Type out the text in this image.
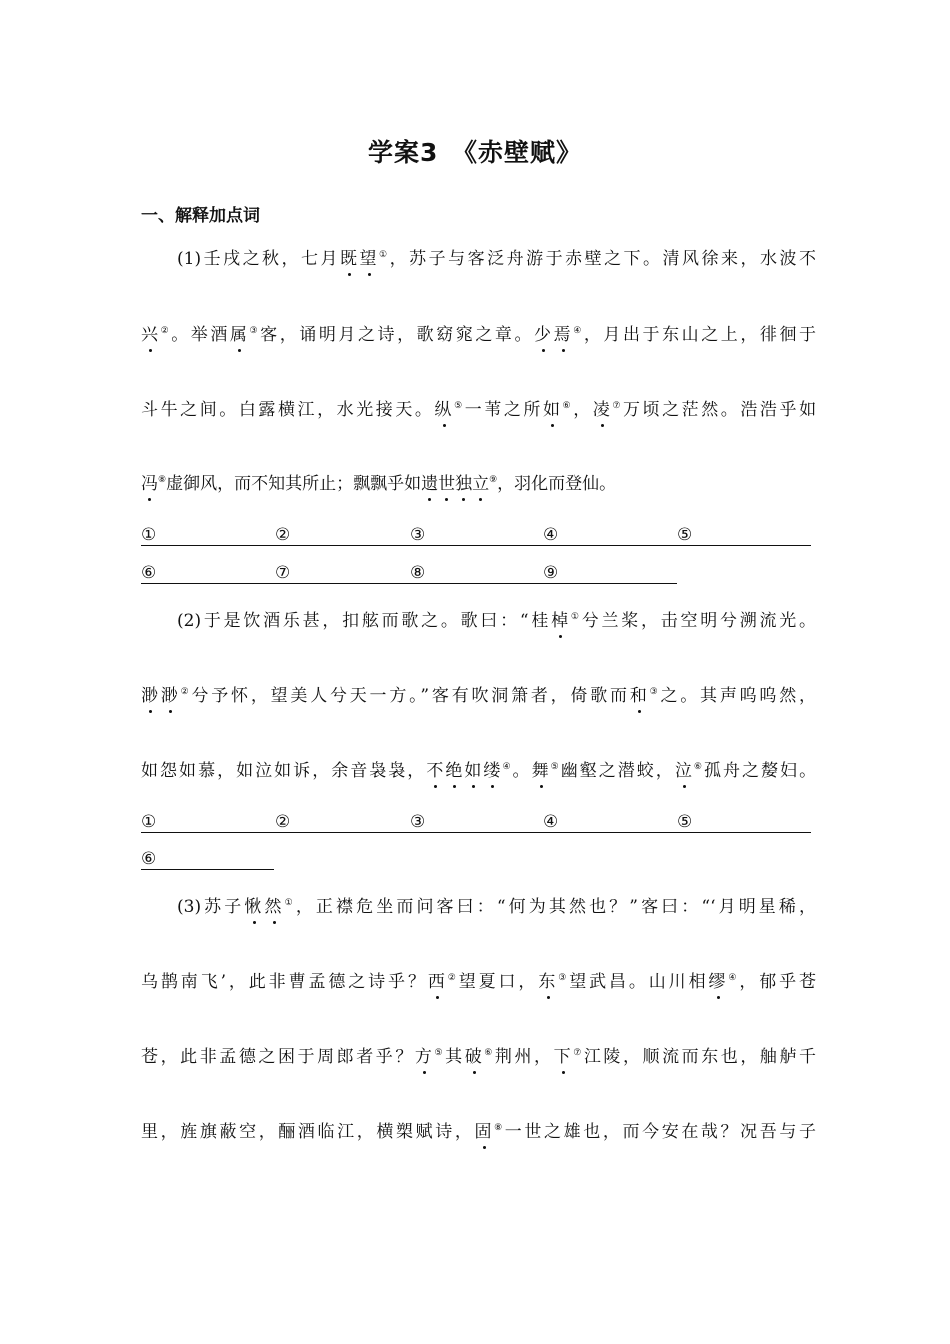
学案3　《赤壁赋》
一、解释加点词
(1)壬戌之秋，七月既望①，苏子与客泛舟游于赤壁之下。清风徐来，水波不
兴②。举酒属③客，诵明月之诗，歌窈窕之章。少焉④，月出于东山之上，徘徊于
斗牛之间。白露横江，水光接天。纵⑤一苇之所如⑥，凌⑦万顷之茫然。浩浩乎如
冯⑧虚御风，而不知其所止；飘飘乎如遗世独立⑨，羽化而登仙。
①	②	③	④	⑤
⑥	⑦	⑧	⑨
(2)于是饮酒乐甚，扣舷而歌之。歌曰：“桂棹①兮兰桨，击空明兮溯流光。
渺渺②兮予怀，望美人兮天一方。”客有吹洞箫者，倚歌而和③之。其声呜呜然，
如怨如慕，如泣如诉，余音袅袅，不绝如缕④。舞⑤幽壑之潜蛟，泣⑥孤舟之嫠妇。
①	②	③	④	⑤
⑥
(3)苏子愀然①，正襟危坐而问客曰：“何为其然也？”客曰：“‘月明星稀，
乌鹊南飞’，此非曹孟德之诗乎？西②望夏口，东③望武昌。山川相缪④，郁乎苍
苍，此非孟德之困于周郎者乎？方⑤其破⑥荆州，下⑦江陵，顺流而东也，舳舻千
里，旌旗蔽空，酾酒临江，横槊赋诗，固⑧一世之雄也，而今安在哉？况吾与子
